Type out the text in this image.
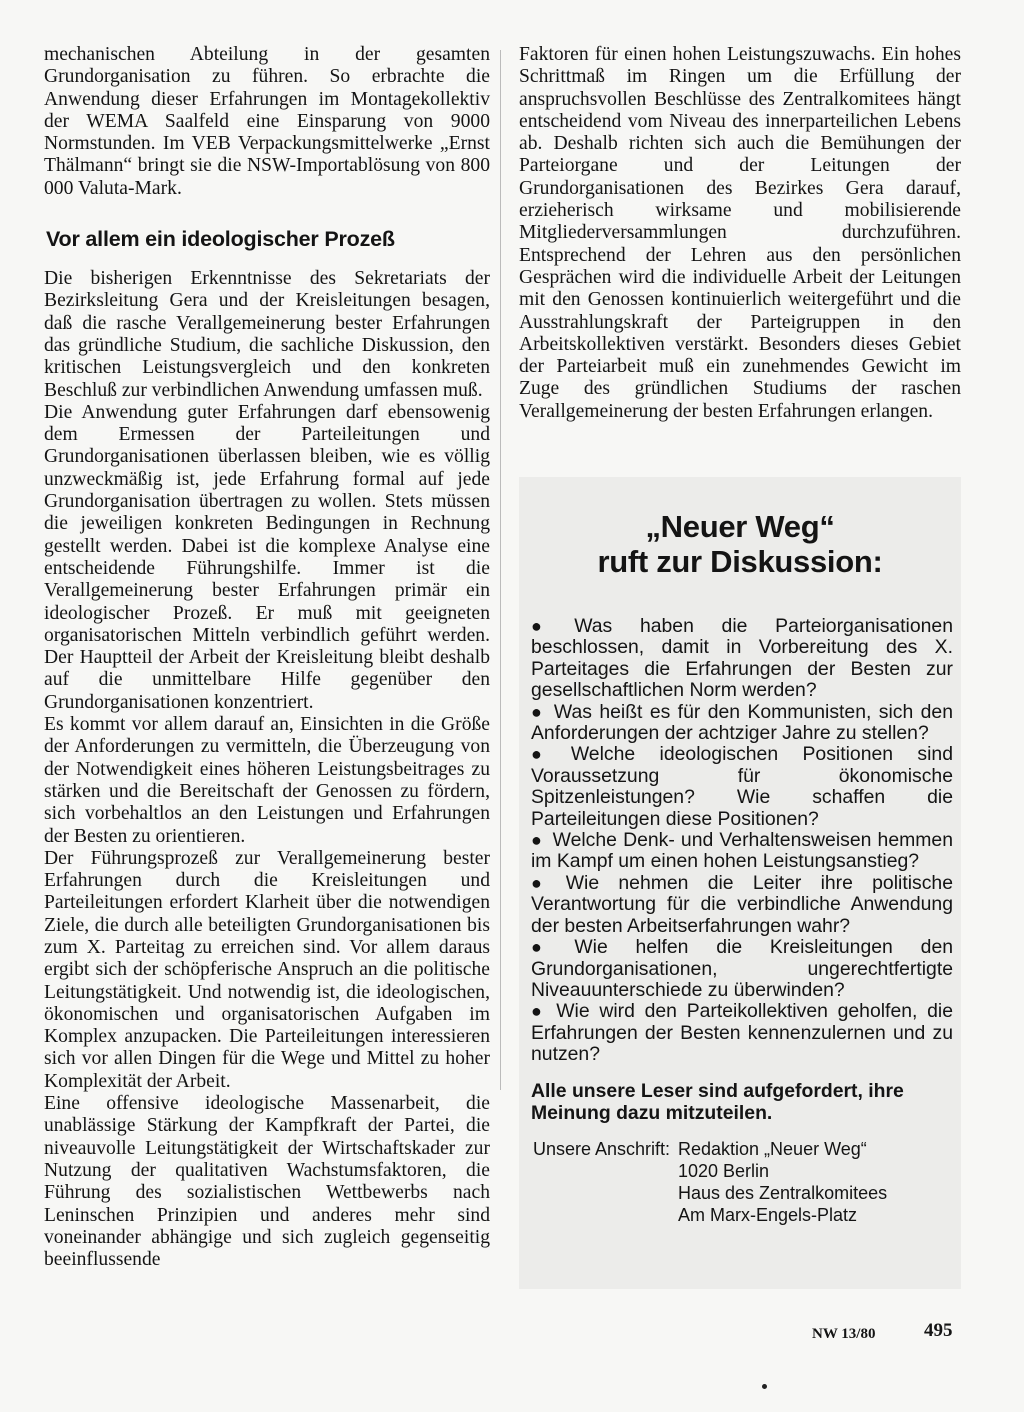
mechanischen Abteilung in der gesamten Grundorganisation zu führen. So erbrachte die Anwendung dieser Erfahrungen im Montagekollektiv der WEMA Saalfeld eine Einsparung von 9000 Normstunden. Im VEB Verpackungsmittelwerke „Ernst Thälmann“ bringt sie die NSW-Importablösung von 800 000 Valuta-Mark.

Vor allem ein ideologischer Prozeß

Die bisherigen Erkenntnisse des Sekretariats der Bezirksleitung Gera und der Kreisleitungen besagen, daß die rasche Verallgemeinerung bester Erfahrungen das gründliche Studium, die sachliche Diskussion, den kritischen Leistungsvergleich und den konkreten Beschluß zur verbindlichen Anwendung umfassen muß.

Die Anwendung guter Erfahrungen darf ebensowenig dem Ermessen der Parteileitungen und Grundorganisationen überlassen bleiben, wie es völlig unzweckmäßig ist, jede Erfahrung formal auf jede Grundorganisation übertragen zu wollen. Stets müssen die jeweiligen konkreten Bedingungen in Rechnung gestellt werden. Dabei ist die komplexe Analyse eine entscheidende Führungshilfe. Immer ist die Verallgemeinerung bester Erfahrungen primär ein ideologischer Prozeß. Er muß mit geeigneten organisatorischen Mitteln verbindlich geführt werden. Der Hauptteil der Arbeit der Kreisleitung bleibt deshalb auf die unmittelbare Hilfe gegenüber den Grundorganisationen konzentriert.

Es kommt vor allem darauf an, Einsichten in die Größe der Anforderungen zu vermitteln, die Überzeugung von der Notwendigkeit eines höheren Leistungsbeitrages zu stärken und die Bereitschaft der Genossen zu fördern, sich vorbehaltlos an den Leistungen und Erfahrungen der Besten zu orientieren.

Der Führungsprozeß zur Verallgemeinerung bester Erfahrungen durch die Kreisleitungen und Parteileitungen erfordert Klarheit über die notwendigen Ziele, die durch alle beteiligten Grundorganisationen bis zum X. Parteitag zu erreichen sind. Vor allem daraus ergibt sich der schöpferische Anspruch an die politische Leitungstätigkeit. Und notwendig ist, die ideologischen, ökonomischen und organisatorischen Aufgaben im Komplex anzupacken. Die Parteileitungen interessieren sich vor allen Dingen für die Wege und Mittel zu hoher Komplexität der Arbeit.

Eine offensive ideologische Massenarbeit, die unablässige Stärkung der Kampfkraft der Partei, die niveauvolle Leitungstätigkeit der Wirtschaftskader zur Nutzung der qualitativen Wachstumsfaktoren, die Führung des sozialistischen Wettbewerbs nach Leninschen Prinzipien und anderes mehr sind voneinander abhängige und sich zugleich gegenseitig beeinflussende

Faktoren für einen hohen Leistungszuwachs. Ein hohes Schrittmaß im Ringen um die Erfüllung der anspruchsvollen Beschlüsse des Zentralkomitees hängt entscheidend vom Niveau des innerparteilichen Lebens ab. Deshalb richten sich auch die Bemühungen der Parteiorgane und der Leitungen der Grundorganisationen des Bezirkes Gera darauf, erzieherisch wirksame und mobilisierende Mitgliederversammlungen durchzuführen. Entsprechend der Lehren aus den persönlichen Gesprächen wird die individuelle Arbeit der Leitungen mit den Genossen kontinuierlich weitergeführt und die Ausstrahlungskraft der Parteigruppen in den Arbeitskollektiven verstärkt. Besonders dieses Gebiet der Parteiarbeit muß ein zunehmendes Gewicht im Zuge des gründlichen Studiums der raschen Verallgemeinerung der besten Erfahrungen erlangen.

„Neuer Weg“
ruft zur Diskussion:
● Was haben die Parteiorganisationen beschlossen, damit in Vorbereitung des X. Parteitages die Erfahrungen der Besten zur gesellschaftlichen Norm werden?
● Was heißt es für den Kommunisten, sich den Anforderungen der achtziger Jahre zu stellen?
● Welche ideologischen Positionen sind Voraussetzung für ökonomische Spitzenleistungen? Wie schaffen die Parteileitungen diese Positionen?
● Welche Denk- und Verhaltensweisen hemmen im Kampf um einen hohen Leistungsanstieg?
● Wie nehmen die Leiter ihre politische Verantwortung für die verbindliche Anwendung der besten Arbeitserfahrungen wahr?
● Wie helfen die Kreisleitungen den Grundorganisationen, ungerechtfertigte Niveauunterschiede zu überwinden?
● Wie wird den Parteikollektiven geholfen, die Erfahrungen der Besten kennenzulernen und zu nutzen?
Alle unsere Leser sind aufgefordert, ihre Meinung dazu mitzuteilen.
Unsere Anschrift: Redaktion „Neuer Weg“
1020 Berlin
Haus des Zentralkomitees
Am Marx-Engels-Platz
NW 13/80	495
